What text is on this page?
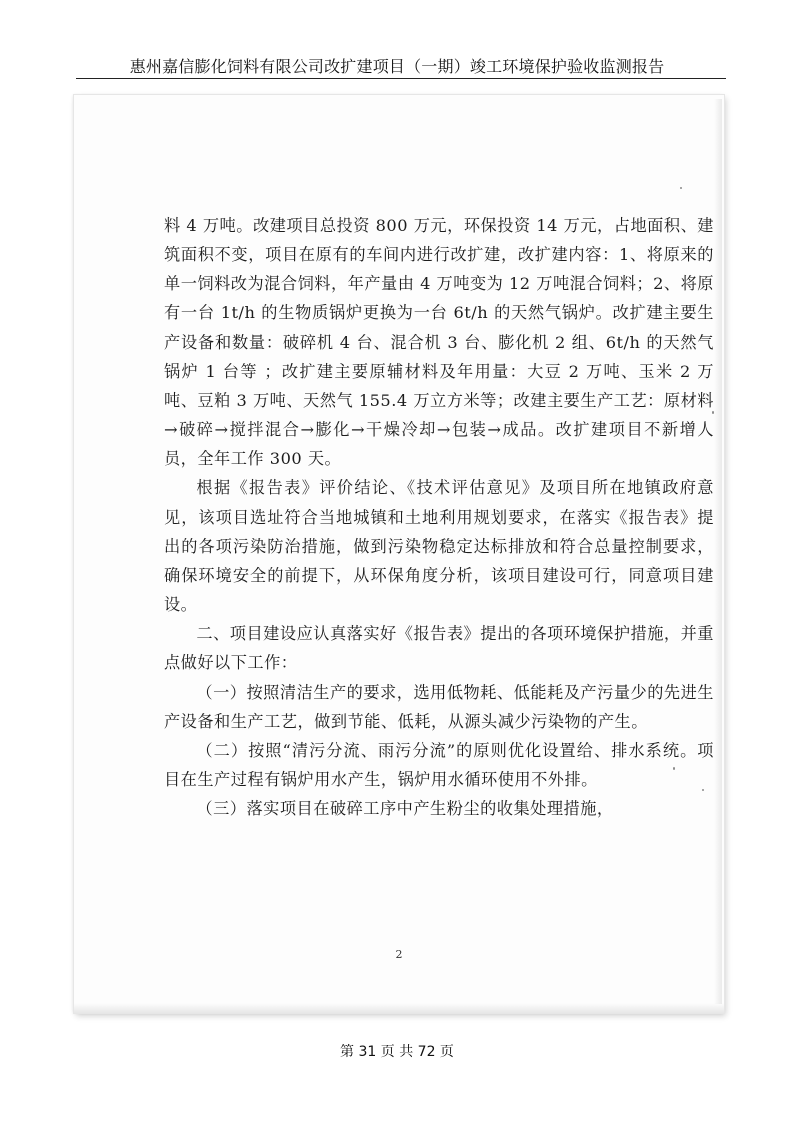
惠州嘉信膨化饲料有限公司改扩建项目（一期）竣工环境保护验收监测报告

料 4 万吨。改建项目总投资 800 万元，环保投资 14 万元，占地面积、建筑面积不变，项目在原有的车间内进行改扩建，改扩建内容：1、将原来的单一饲料改为混合饲料，年产量由 4 万吨变为 12 万吨混合饲料；2、将原有一台 1t/h 的生物质锅炉更换为一台 6t/h 的天然气锅炉。改扩建主要生产设备和数量：破碎机 4 台、混合机 3 台、膨化机 2 组、6t/h 的天然气锅炉 1 台等 ；改扩建主要原辅材料及年用量：大豆 2 万吨、玉米 2 万吨、豆粕 3 万吨、天然气 155.4 万立方米等；改建主要生产工艺：原材料→破碎→搅拌混合→膨化→干燥冷却→包装→成品。改扩建项目不新增人员，全年工作 300 天。

根据《报告表》评价结论、《技术评估意见》及项目所在地镇政府意见，该项目选址符合当地城镇和土地利用规划要求，在落实《报告表》提出的各项污染防治措施，做到污染物稳定达标排放和符合总量控制要求，确保环境安全的前提下，从环保角度分析，该项目建设可行，同意项目建设。

二、项目建设应认真落实好《报告表》提出的各项环境保护措施，并重点做好以下工作：

（一）按照清洁生产的要求，选用低物耗、低能耗及产污量少的先进生产设备和生产工艺，做到节能、低耗，从源头减少污染物的产生。

（二）按照“清污分流、雨污分流”的原则优化设置给、排水系统。项目在生产过程有锅炉用水产生，锅炉用水循环使用不外排。

（三）落实项目在破碎工序中产生粉尘的收集处理措施，

2
第 31 页 共 72 页
